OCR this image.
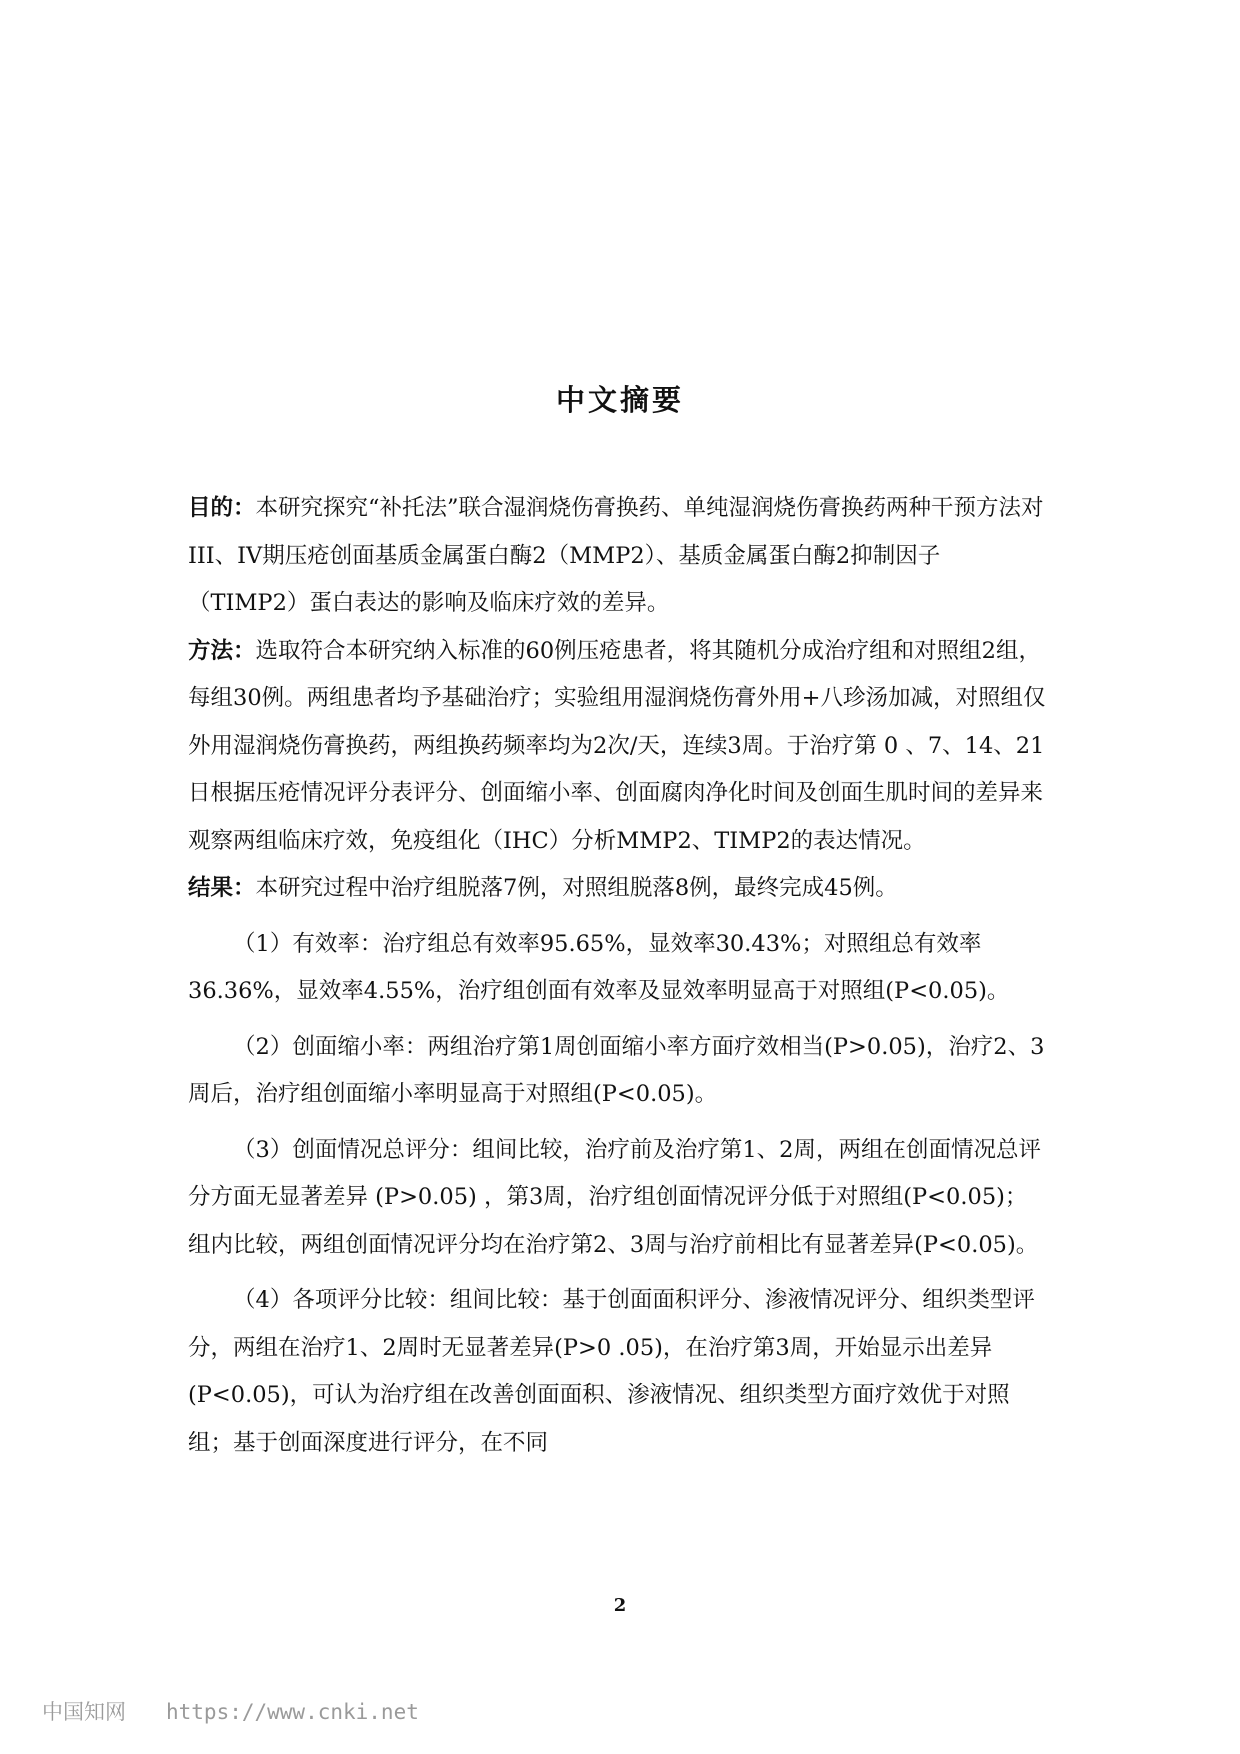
中文摘要

目的：本研究探究“补托法”联合湿润烧伤膏换药、单纯湿润烧伤膏换药两种干预方法对III、IV期压疮创面基质金属蛋白酶2（MMP2）、基质金属蛋白酶2抑制因子（TIMP2）蛋白表达的影响及临床疗效的差异。

方法：选取符合本研究纳入标准的60例压疮患者，将其随机分成治疗组和对照组2组，每组30例。两组患者均予基础治疗；实验组用湿润烧伤膏外用+八珍汤加减，对照组仅外用湿润烧伤膏换药，两组换药频率均为2次/天，连续3周。于治疗第 0 、7、14、21 日根据压疮情况评分表评分、创面缩小率、创面腐肉净化时间及创面生肌时间的差异来观察两组临床疗效，免疫组化（IHC）分析MMP2、TIMP2的表达情况。

结果：本研究过程中治疗组脱落7例，对照组脱落8例，最终完成45例。

（1）有效率：治疗组总有效率95.65%，显效率30.43%；对照组总有效率36.36%，显效率4.55%，治疗组创面有效率及显效率明显高于对照组(P<0.05)。

（2）创面缩小率：两组治疗第1周创面缩小率方面疗效相当(P>0.05)，治疗2、3周后，治疗组创面缩小率明显高于对照组(P<0.05)。

（3）创面情况总评分：组间比较，治疗前及治疗第1、2周，两组在创面情况总评分方面无显著差异 (P>0.05) ，第3周，治疗组创面情况评分低于对照组(P<0.05)；组内比较，两组创面情况评分均在治疗第2、3周与治疗前相比有显著差异(P<0.05)。

（4）各项评分比较：组间比较：基于创面面积评分、渗液情况评分、组织类型评分，两组在治疗1、2周时无显著差异(P>0 .05)，在治疗第3周，开始显示出差异(P<0.05)，可认为治疗组在改善创面面积、渗液情况、组织类型方面疗效优于对照组；基于创面深度进行评分，在不同

2
中国知网 https://www.cnki.net
